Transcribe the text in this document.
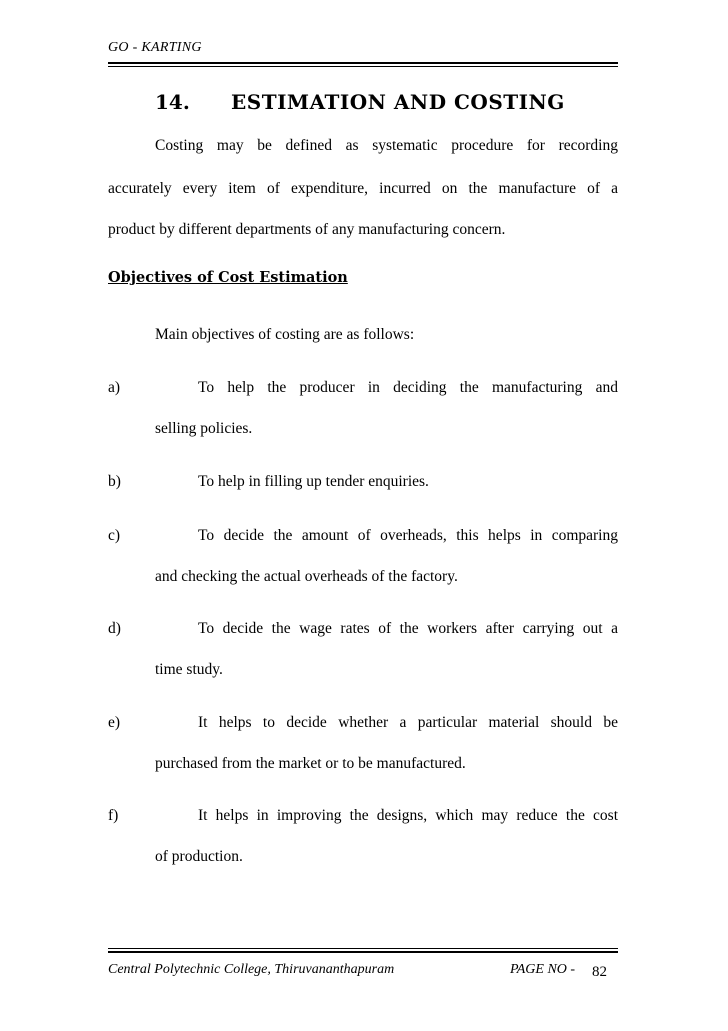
GO - KARTING
14. ESTIMATION AND COSTING
Costing may be defined as systematic procedure for recording
accurately every item of expenditure, incurred on the manufacture of a
product by different departments of any manufacturing concern.
Objectives of Cost Estimation
Main objectives of costing are as follows:
a)	To help the producer in deciding the manufacturing and
selling policies.
b)	To help in filling up tender enquiries.
c)	To decide the amount of overheads, this helps in comparing
and checking the actual overheads of the factory.
d)	To decide the wage rates of the workers after carrying out a
time study.
e)	It helps to decide whether a particular material should be
purchased from the market or to be manufactured.
f)	It helps in improving the designs, which may reduce the cost
of production.
Central Polytechnic College, Thiruvananthapuram	PAGE NO - 82
